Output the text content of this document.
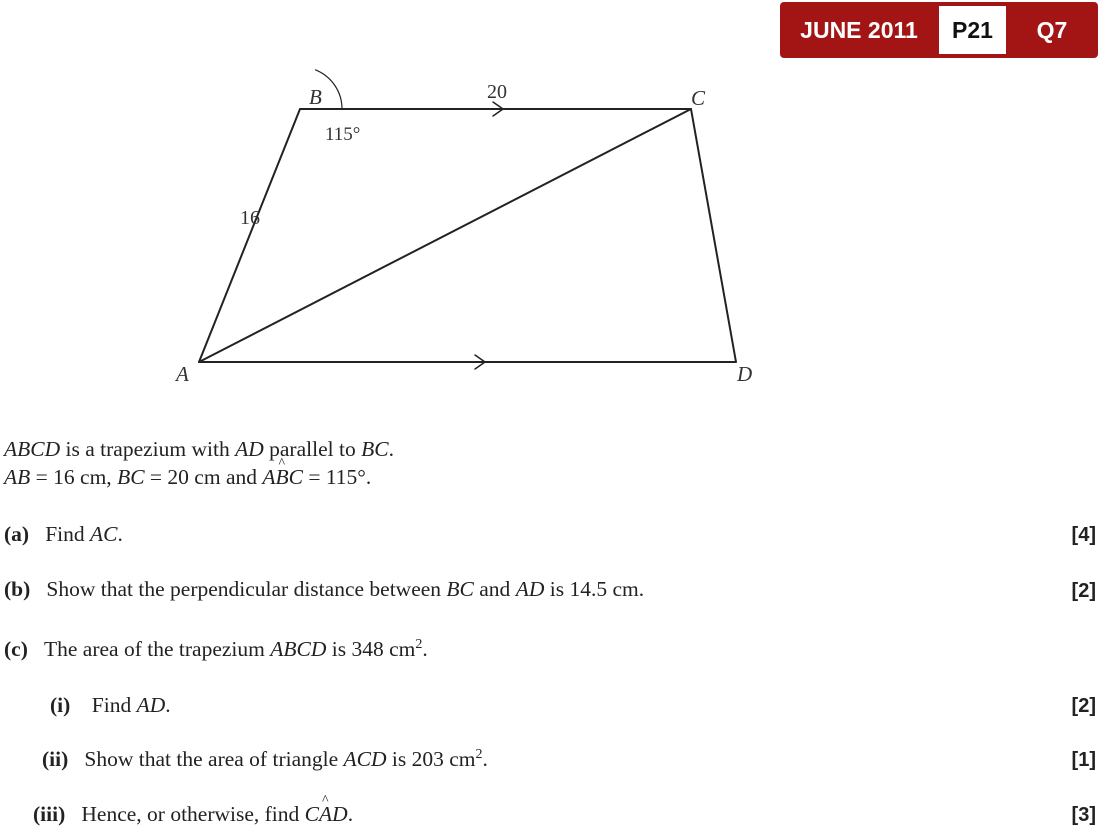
JUNE 2011	P21	Q7
A
B	C
D
16
20
115°
ABCD is a trapezium with AD parallel to BC.
AB = 16 cm, BC = 20 cm and A^ BC = 115°.
(a) Find AC.	[4]
(b) Show that the perpendicular distance between BC and AD is 14.5 cm.	[2]
(c) The area of the trapezium ABCD is 348 $cm^2$.
(i) Find AD.	[2]
(ii) Show that the area of triangle ACD is 203 $cm^2$.	[1]
(iii) Hence, or otherwise, find C^ AD.	[3]
